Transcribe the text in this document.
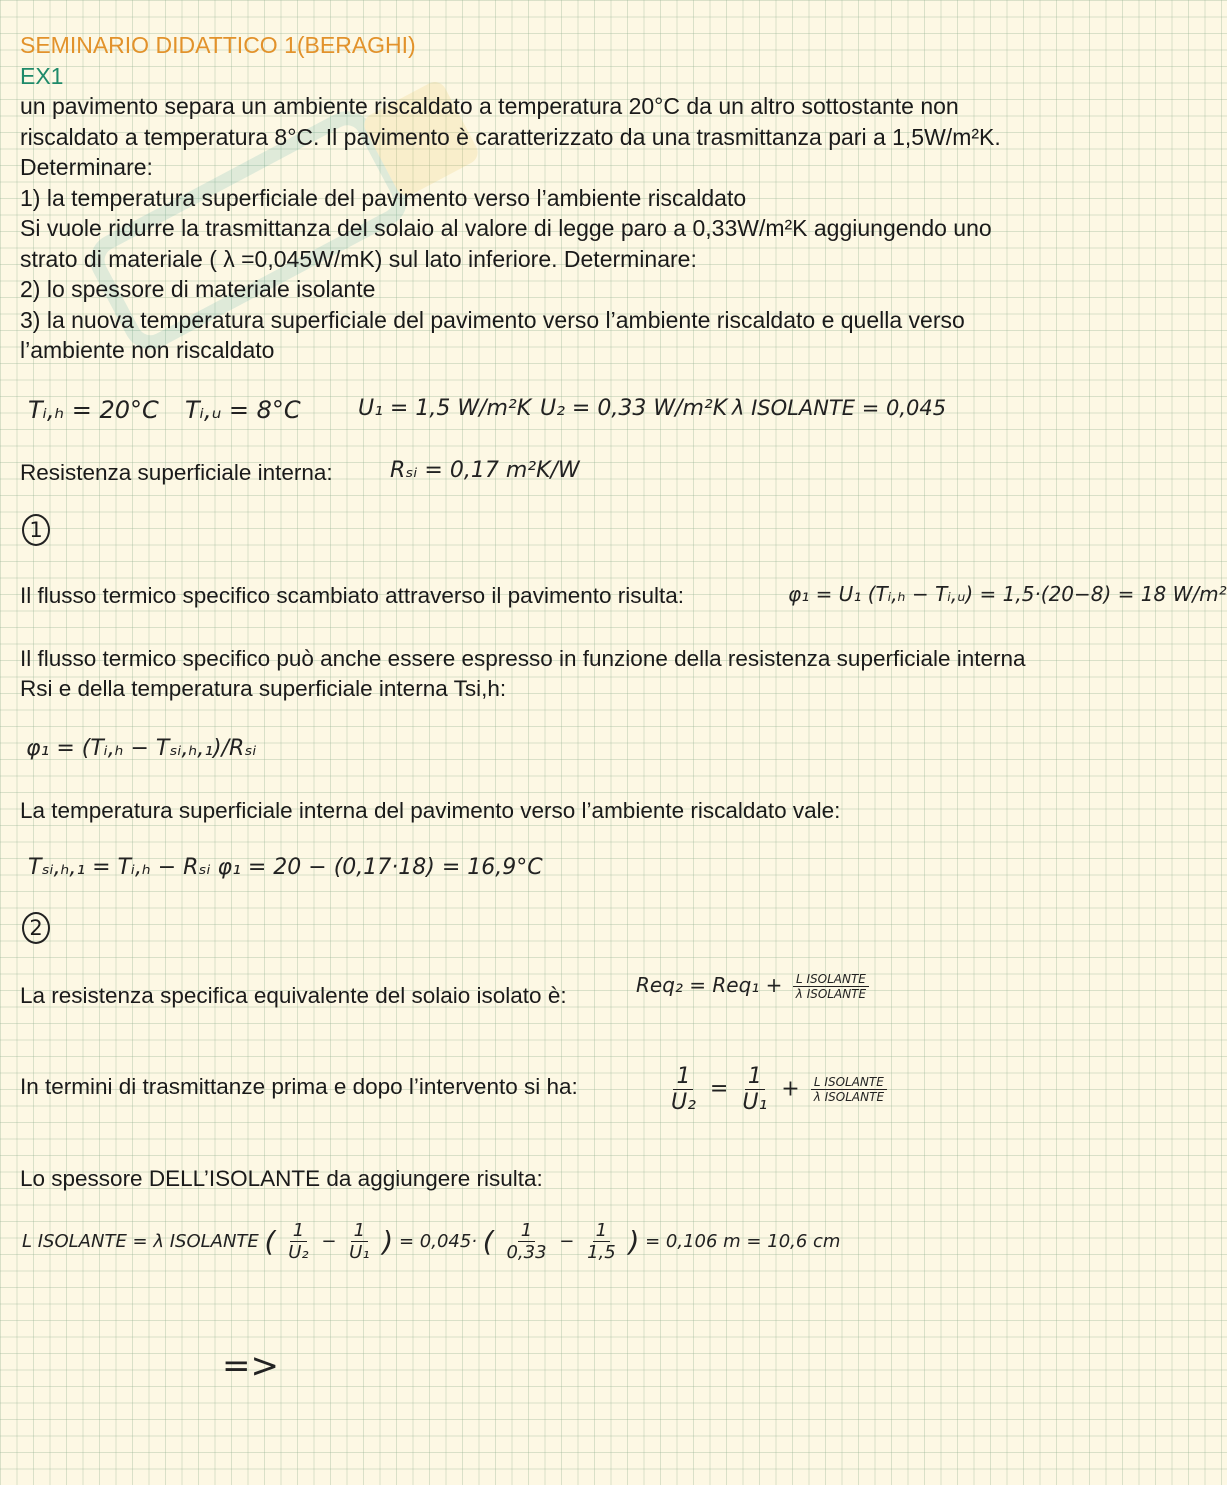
SEMINARIO DIDATTICO 1(BERAGHI)
EX1
un pavimento separa un ambiente riscaldato a temperatura 20°C da un altro sottostante non
riscaldato a temperatura 8°C. Il pavimento è caratterizzato da una trasmittanza pari a 1,5W/m²K.
Determinare:
1) la temperatura superficiale del pavimento verso l’ambiente riscaldato
Si vuole ridurre la trasmittanza del solaio al valore di legge paro a 0,33W/m²K aggiungendo uno
strato di materiale ( λ =0,045W/mK) sul lato inferiore. Determinare:
2) lo spessore di materiale isolante
3) la nuova temperatura superficiale del pavimento verso l’ambiente riscaldato e quella verso
l’ambiente non riscaldato
Tᵢ,ₕ = 20°C Tᵢ,ᵤ = 8°C	U₁ = 1,5 W/m²K U₂ = 0,33 W/m²K λ ISOLANTE = 0,045
Resistenza superficiale interna:	Rₛᵢ = 0,17 m²K/W
1
Il flusso termico specifico scambiato attraverso il pavimento risulta:	φ₁ = U₁ (Tᵢ,ₕ − Tᵢ,ᵤ) = 1,5·(20−8) = 18 W/m²
Il flusso termico specifico può anche essere espresso in funzione della resistenza superficiale interna
Rsi e della temperatura superficiale interna Tsi,h:
φ₁ = (Tᵢ,ₕ − Tₛᵢ,ₕ,₁)/Rₛᵢ
La temperatura superficiale interna del pavimento verso l’ambiente riscaldato vale:
Tₛᵢ,ₕ,₁ = Tᵢ,ₕ − Rₛᵢ φ₁ = 20 − (0,17·18) = 16,9°C
2
La resistenza specifica equivalente del solaio isolato è:	$Req_2 = Req_1 + \frac{\text{L ISOLANTE}}{\text{λ ISOLANTE}}$
In termini di trasmittanze prima e dopo l’intervento si ha:	$\frac{1}{\text{U₂}} = \frac{1}{\text{U₁}} + \frac{\text{L ISOLANTE}}{\text{λ ISOLANTE}}$
Lo spessore DELL’ISOLANTE da aggiungere risulta:
L ISOLANTE = λ ISOLANTE ( $\frac{1}{\text{U₂}} - \frac{1}{\text{U₁}}$ ) = 0,045· ( $\frac{1}{0,33} - \frac{1}{1,5}$ ) = 0,106 m = 10,6 cm
=>
